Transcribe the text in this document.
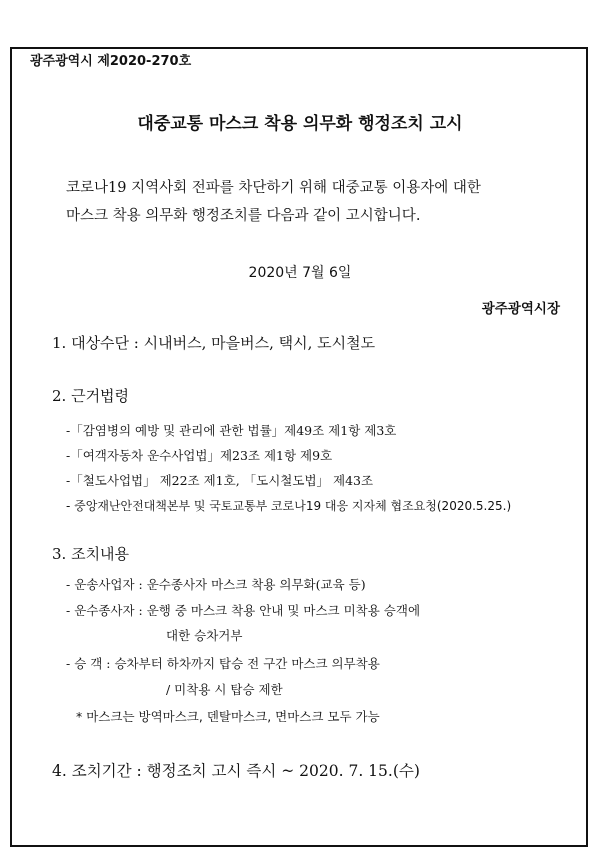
광주광역시 제2020-270호
대중교통 마스크 착용 의무화 행정조치 고시
코로나19 지역사회 전파를 차단하기 위해 대중교통 이용자에 대한
마스크 착용 의무화 행정조치를 다음과 같이 고시합니다.
2020년 7월 6일
광주광역시장
1. 대상수단 : 시내버스, 마을버스, 택시, 도시철도
2. 근거법령
-「감염병의 예방 및 관리에 관한 법률」제49조 제1항 제3호
-「여객자동차 운수사업법」제23조 제1항 제9호
-「철도사업법」 제22조 제1호, 「도시철도법」 제43조
- 중앙재난안전대책본부 및 국토교통부 코로나19 대응 지자체 협조요청(2020.5.25.)
3. 조치내용
- 운송사업자 : 운수종사자 마스크 착용 의무화(교육 등)
- 운수종사자 : 운행 중 마스크 착용 안내 및 마스크 미착용 승객에
대한 승차거부
- 승 객 : 승차부터 하차까지 탑승 전 구간 마스크 의무착용
/ 미착용 시 탑승 제한
* 마스크는 방역마스크, 덴탈마스크, 면마스크 모두 가능
4. 조치기간 : 행정조치 고시 즉시 ~ 2020. 7. 15.(수)
